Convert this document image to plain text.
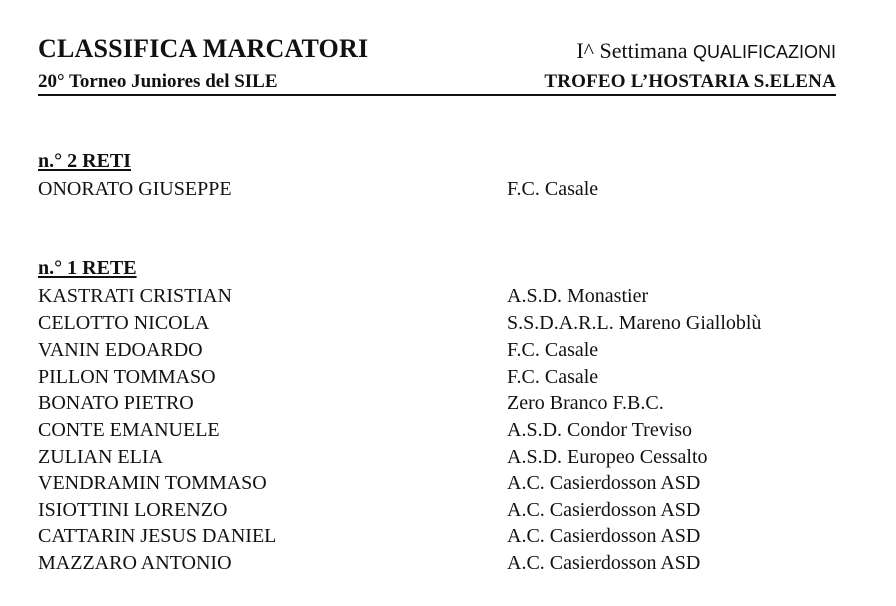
CLASSIFICA MARCATORI
20° Torneo Juniores del SILE
I^ Settimana QUALIFICAZIONI
TROFEO L’HOSTARIA S.ELENA
n.° 2 RETI
ONORATO GIUSEPPE	F.C. Casale
n.° 1 RETE
KASTRATI CRISTIAN	A.S.D. Monastier
CELOTTO NICOLA	S.S.D.A.R.L. Mareno Gialloblù
VANIN EDOARDO	F.C. Casale
PILLON TOMMASO	F.C. Casale
BONATO PIETRO	Zero Branco F.B.C.
CONTE EMANUELE	A.S.D. Condor Treviso
ZULIAN ELIA	A.S.D. Europeo Cessalto
VENDRAMIN TOMMASO	A.C. Casierdosson ASD
ISIOTTINI LORENZO	A.C. Casierdosson ASD
CATTARIN JESUS DANIEL	A.C. Casierdosson ASD
MAZZARO ANTONIO	A.C. Casierdosson ASD
